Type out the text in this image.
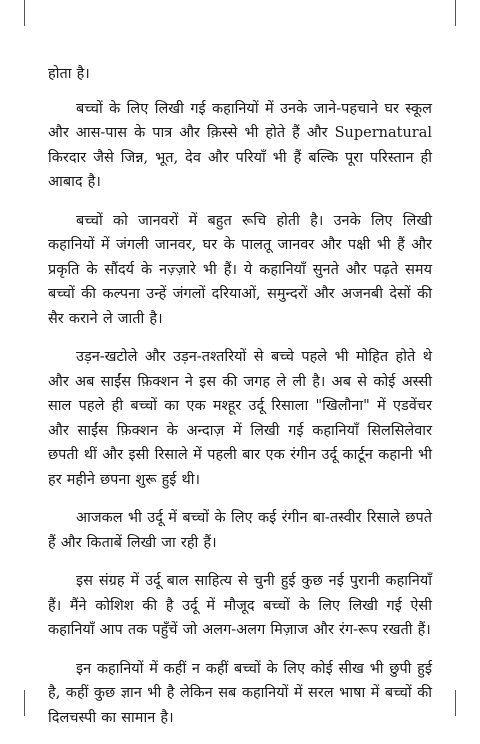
होता है।

बच्चों के लिए लिखी गई कहानियों में उनके जाने-पहचाने घर स्कूल और आस-पास के पात्र और क़िस्से भी होते हैं और Supernatural किरदार जैसे जिन्न, भूत, देव और परियाँ भी हैं बल्कि पूरा परिस्तान ही आबाद है।

बच्चों को जानवरों में बहुत रूचि होती है। उनके लिए लिखी कहानियों में जंगली जानवर, घर के पालतू जानवर और पक्षी भी हैं और प्रकृति के सौंदर्य के नज़्ज़ारे भी हैं। ये कहानियाँ सुनते और पढ़ते समय बच्चों की कल्पना उन्हें जंगलों दरियाओं, समुन्दरों और अजनबी देसों की सैर कराने ले जाती है।

उड़न-खटोले और उड़न-तश्तरियों से बच्चे पहले भी मोहित होते थे और अब साईंस फ़िक्शन ने इस की जगह ले ली है। अब से कोई अस्सी साल पहले ही बच्चों का एक मश्हूर उर्दू रिसाला "खिलौना" में एडवेंचर और साईंस फ़िक्शन के अन्दाज़ में लिखी गई कहानियाँ सिलसिलेवार छपती थीं और इसी रिसाले में पहली बार एक रंगीन उर्दू कार्टून कहानी भी हर महीने छपना शुरू हुई थी।

आजकल भी उर्दू में बच्चों के लिए कई रंगीन बा-तस्वीर रिसाले छपते हैं और किताबें लिखी जा रही हैं।

इस संग्रह में उर्दू बाल साहित्य से चुनी हुई कुछ नई पुरानी कहानियाँ हैं। मैंने कोशिश की है उर्दू में मौजूद बच्चों के लिए लिखी गई ऐसी कहानियाँ आप तक पहुँचें जो अलग-अलग मिज़ाज और रंग-रूप रखती हैं।

इन कहानियों में कहीं न कहीं बच्चों के लिए कोई सीख भी छुपी हुई है, कहीं कुछ ज्ञान भी है लेकिन सब कहानियों में सरल भाषा में बच्चों की दिलचस्पी का सामान है।
